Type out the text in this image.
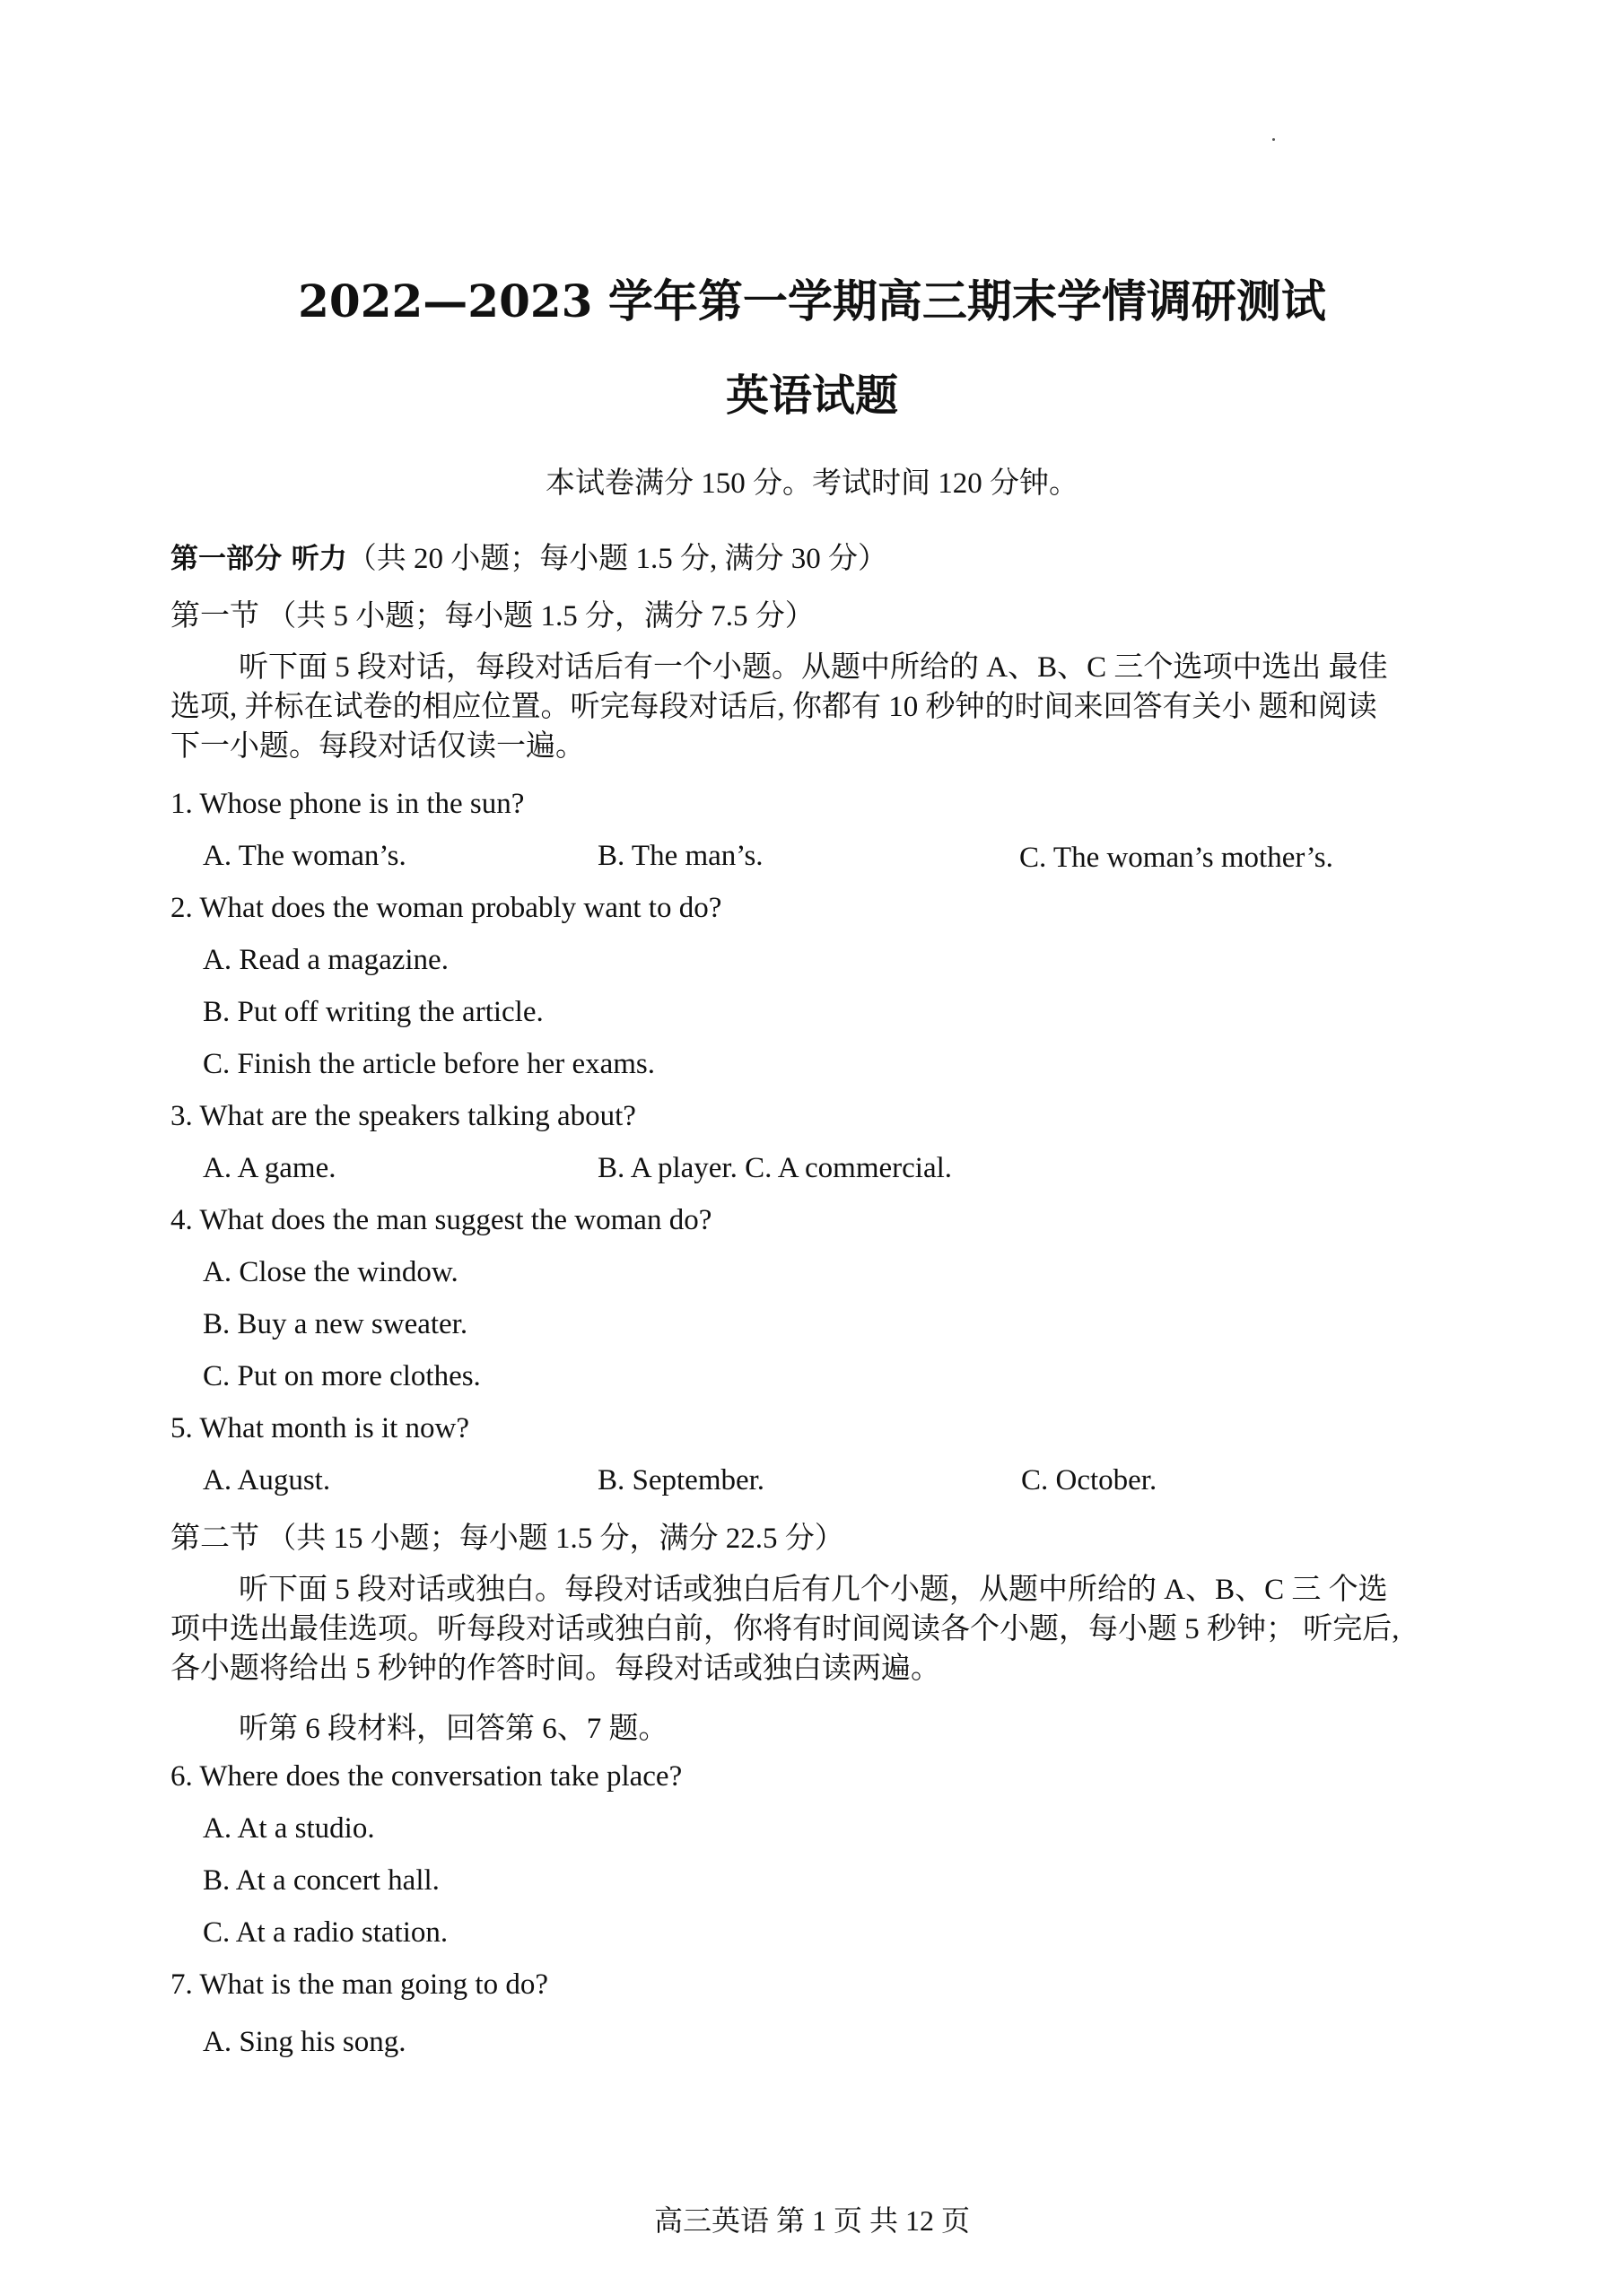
2022—2023 学年第一学期高三期末学情调研测试
英语试题
本试卷满分 150 分。考试时间 120 分钟。
第一部分 听力（共 20 小题；每小题 1.5 分, 满分 30 分）
第一节 （共 5 小题；每小题 1.5 分，满分 7.5 分）
听下面 5 段对话，每段对话后有一个小题。从题中所给的 A、B、C 三个选项中选出 最佳
选项, 并标在试卷的相应位置。听完每段对话后, 你都有 10 秒钟的时间来回答有关小 题和阅读
下一小题。每段对话仅读一遍。
1. Whose phone is in the sun?
A. The woman’s.	B. The man’s.	C. The woman’s mother’s.
2. What does the woman probably want to do?
A. Read a magazine.
B. Put off writing the article.
C. Finish the article before her exams.
3. What are the speakers talking about?
A. A game.	B. A player. C. A commercial.
4. What does the man suggest the woman do?
A. Close the window.
B. Buy a new sweater.
C. Put on more clothes.
5. What month is it now?
A. August.	B. September.	C. October.
第二节 （共 15 小题；每小题 1.5 分，满分 22.5 分）
听下面 5 段对话或独白。每段对话或独白后有几个小题，从题中所给的 A、B、C 三 个选
项中选出最佳选项。听每段对话或独白前，你将有时间阅读各个小题，每小题 5 秒钟； 听完后,
各小题将给出 5 秒钟的作答时间。每段对话或独白读两遍。
听第 6 段材料，回答第 6、7 题。
6. Where does the conversation take place?
A. At a studio.
B. At a concert hall.
C. At a radio station.
7. What is the man going to do?
A. Sing his song.
高三英语 第 1 页 共 12 页
